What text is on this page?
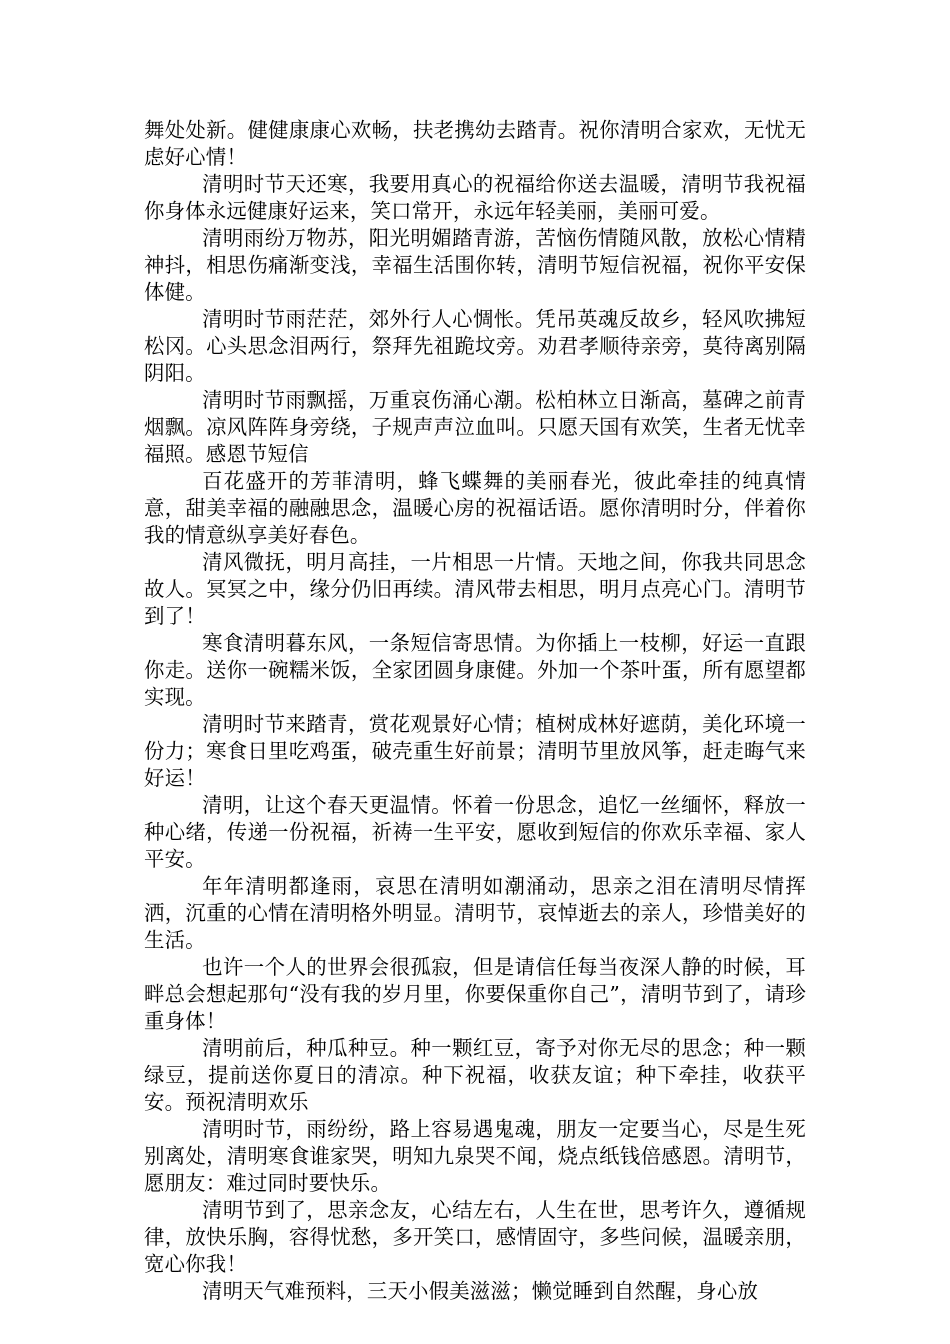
舞处处新。健健康康心欢畅，扶老携幼去踏青。祝你清明合家欢，无忧无虑好心情！

清明时节天还寒，我要用真心的祝福给你送去温暖，清明节我祝福你身体永远健康好运来，笑口常开，永远年轻美丽，美丽可爱。

清明雨纷万物苏，阳光明媚踏青游，苦恼伤情随风散，放松心情精神抖，相思伤痛渐变浅，幸福生活围你转，清明节短信祝福，祝你平安保体健。

清明时节雨茫茫，郊外行人心惆怅。凭吊英魂反故乡，轻风吹拂短松冈。心头思念泪两行，祭拜先祖跪坟旁。劝君孝顺待亲旁，莫待离别隔阴阳。

清明时节雨飘摇，万重哀伤涌心潮。松柏林立日渐高，墓碑之前青烟飘。凉风阵阵身旁绕，子规声声泣血叫。只愿天国有欢笑，生者无忧幸福照。感恩节短信

百花盛开的芳菲清明，蜂飞蝶舞的美丽春光，彼此牵挂的纯真情意，甜美幸福的融融思念，温暖心房的祝福话语。愿你清明时分，伴着你我的情意纵享美好春色。

清风微抚，明月高挂，一片相思一片情。天地之间，你我共同思念故人。冥冥之中，缘分仍旧再续。清风带去相思，明月点亮心门。清明节到了！

寒食清明暮东风，一条短信寄思情。为你插上一枝柳，好运一直跟你走。送你一碗糯米饭，全家团圆身康健。外加一个茶叶蛋，所有愿望都实现。

清明时节来踏青，赏花观景好心情；植树成林好遮荫，美化环境一份力；寒食日里吃鸡蛋，破壳重生好前景；清明节里放风筝，赶走晦气来好运！

清明，让这个春天更温情。怀着一份思念，追忆一丝缅怀，释放一种心绪，传递一份祝福，祈祷一生平安，愿收到短信的你欢乐幸福、家人平安。

年年清明都逢雨，哀思在清明如潮涌动，思亲之泪在清明尽情挥洒，沉重的心情在清明格外明显。清明节，哀悼逝去的亲人，珍惜美好的生活。

也许一个人的世界会很孤寂，但是请信任每当夜深人静的时候，耳畔总会想起那句“没有我的岁月里，你要保重你自己”，清明节到了，请珍重身体！

清明前后，种瓜种豆。种一颗红豆，寄予对你无尽的思念；种一颗绿豆，提前送你夏日的清凉。种下祝福，收获友谊；种下牵挂，收获平安。预祝清明欢乐

清明时节，雨纷纷，路上容易遇鬼魂，朋友一定要当心，尽是生死别离处，清明寒食谁家哭，明知九泉哭不闻，烧点纸钱倍感恩。清明节，愿朋友：难过同时要快乐。

清明节到了，思亲念友，心结左右，人生在世，思考许久，遵循规律，放快乐胸，容得忧愁，多开笑口，感情固守，多些问候，温暖亲朋，宽心你我！

清明天气难预料，三天小假美滋滋；懒觉睡到自然醒，身心放
